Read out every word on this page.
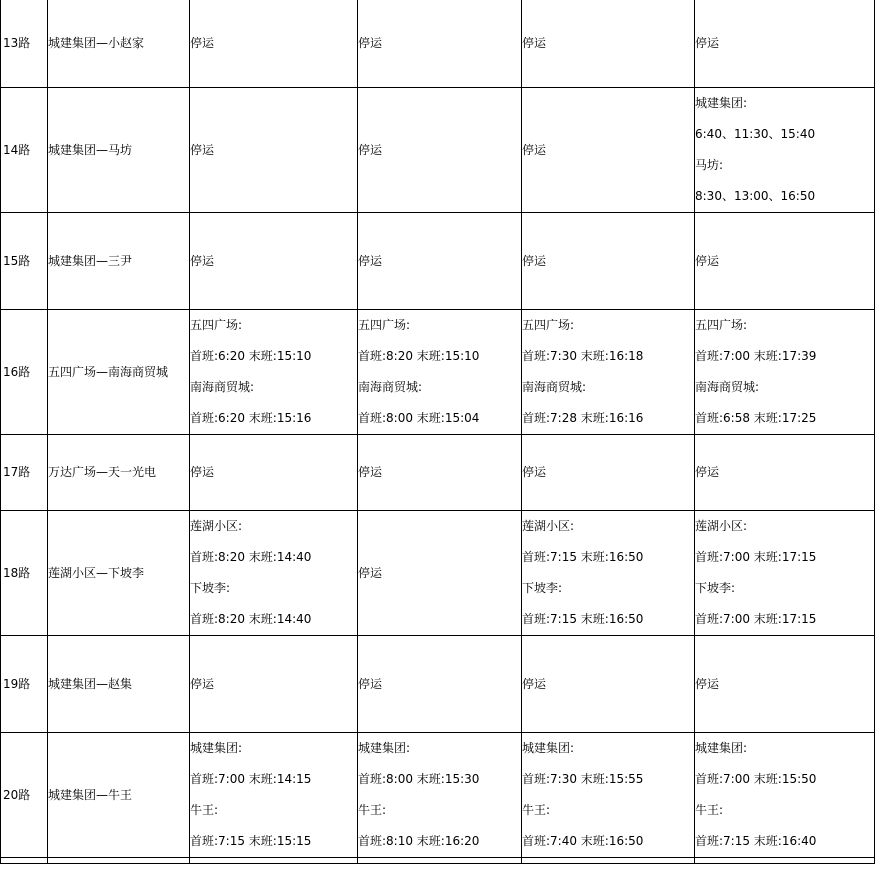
13路	城建集团—小赵家	停运	停运	停运	停运

14路	城建集团—马坊	停运	停运	停运	城建集团:
6:40、11:30、15:40
马坊:
8:30、13:00、16:50

15路	城建集团—三尹	停运	停运	停运	停运

16路	五四广场—南海商贸城	五四广场:
首班:6:20 末班:15:10
南海商贸城:
首班:6:20 末班:15:16	五四广场:
首班:8:20 末班:15:10
南海商贸城:
首班:8:00 末班:15:04	五四广场:
首班:7:30 末班:16:18
南海商贸城:
首班:7:28 末班:16:16	五四广场:
首班:7:00 末班:17:39
南海商贸城:
首班:6:58 末班:17:25

17路	万达广场—天一光电	停运	停运	停运	停运

18路	莲湖小区—下坡李	莲湖小区:
首班:8:20 末班:14:40
下坡李:
首班:8:20 末班:14:40	停运	莲湖小区:
首班:7:15 末班:16:50
下坡李:
首班:7:15 末班:16:50	莲湖小区:
首班:7:00 末班:17:15
下坡李:
首班:7:00 末班:17:15

19路	城建集团—赵集	停运	停运	停运	停运

20路	城建集团—牛王	城建集团:
首班:7:00 末班:14:15
牛王:
首班:7:15 末班:15:15	城建集团:
首班:8:00 末班:15:30
牛王:
首班:8:10 末班:16:20	城建集团:
首班:7:30 末班:15:55
牛王:
首班:7:40 末班:16:50	城建集团:
首班:7:00 末班:15:50
牛王:
首班:7:15 末班:16:40
